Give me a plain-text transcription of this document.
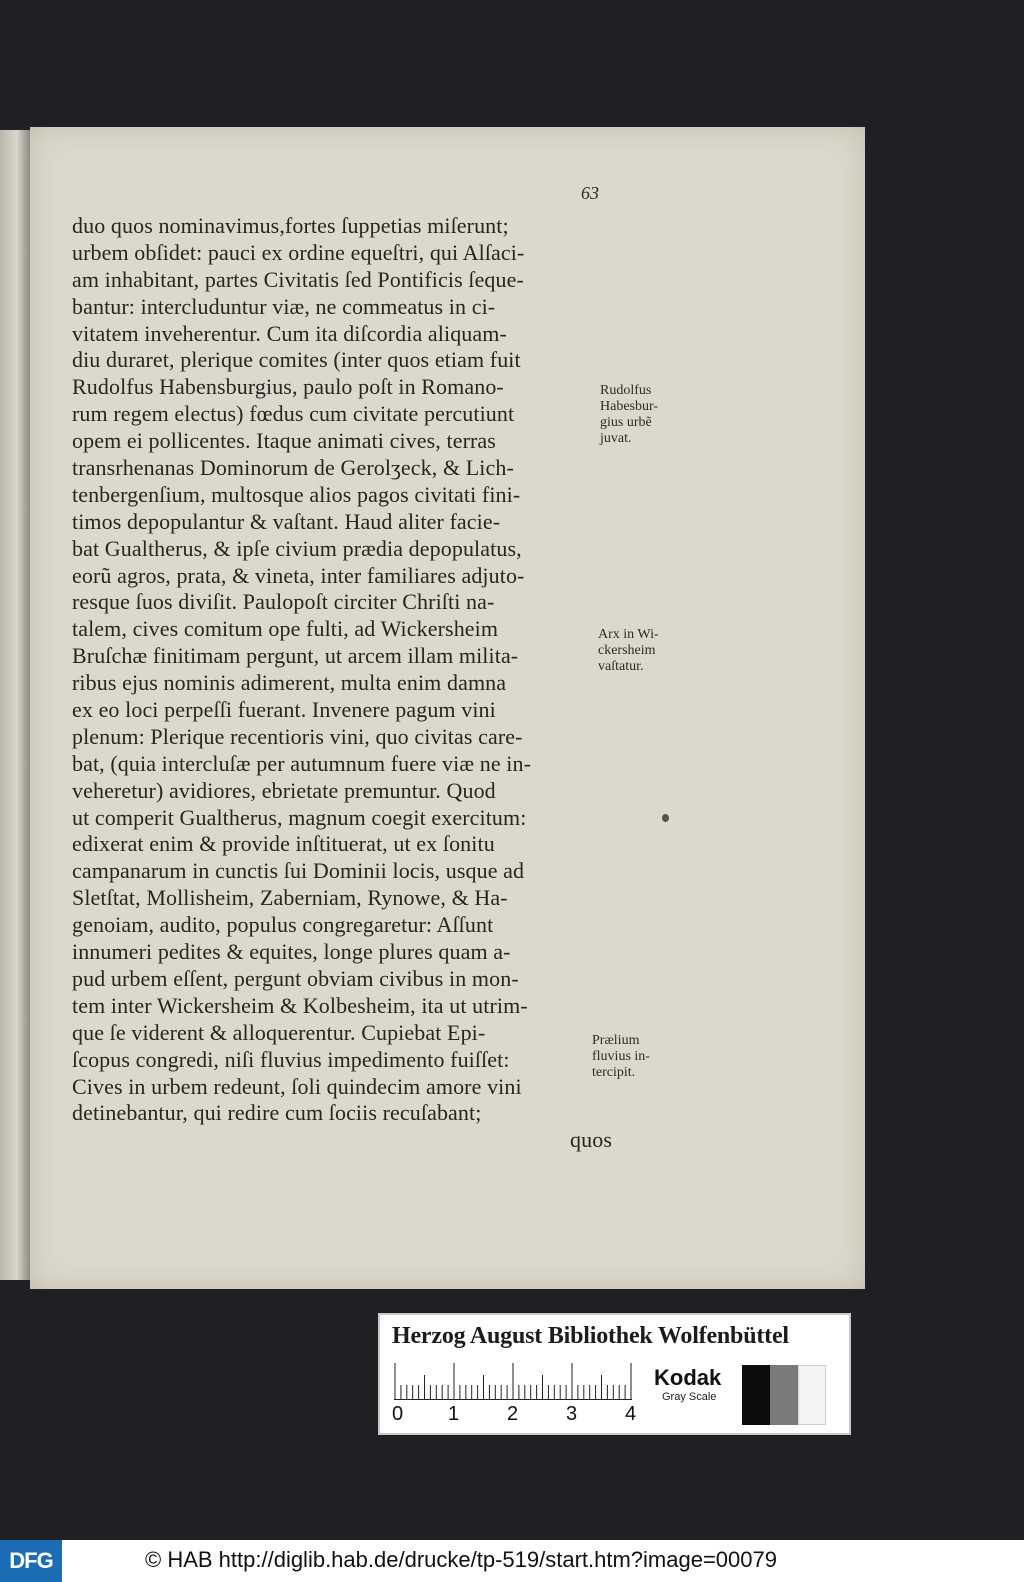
63
duo quos nominavimus,fortes ſuppetias miſerunt;
urbem obſidet: pauci ex ordine equeſtri, qui Alſaci-
am inhabitant, partes Civitatis ſed Pontificis ſeque-
bantur: intercluduntur viæ, ne commeatus in ci-
vitatem inveherentur. Cum ita diſcordia aliquam-
diu duraret, plerique comites (inter quos etiam fuit
Rudolfus Habensburgius, paulo poſt in Romano-
rum regem electus) fœdus cum civitate percutiunt
opem ei pollicentes. Itaque animati cives, terras
transrhenanas Dominorum de Gerolʒeck, & Lich-
tenbergenſium, multosque alios pagos civitati fini-
timos depopulantur & vaſtant. Haud aliter facie-
bat Gualtherus, & ipſe civium prædia depopulatus,
eorũ agros, prata, & vineta, inter familiares adjuto-
resque ſuos diviſit. Paulopoſt circiter Chriſti na-
talem, cives comitum ope fulti, ad Wickersheim
Bruſchæ finitimam pergunt, ut arcem illam milita-
ribus ejus nominis adimerent, multa enim damna
ex eo loci perpeſſi fuerant. Invenere pagum vini
plenum: Plerique recentioris vini, quo civitas care-
bat, (quia intercluſæ per autumnum fuere viæ ne in-
veheretur) avidiores, ebrietate premuntur. Quod
ut comperit Gualtherus, magnum coegit exercitum:
edixerat enim & provide inſtituerat, ut ex ſonitu
campanarum in cunctis ſui Dominii locis, usque ad
Sletſtat, Mollisheim, Zaberniam, Rynowe, & Ha-
genoiam, audito, populus congregaretur: Aſſunt
innumeri pedites & equites, longe plures quam a-
pud urbem eſſent, pergunt obviam civibus in mon-
tem inter Wickersheim & Kolbesheim, ita ut utrim-
que ſe viderent & alloquerentur. Cupiebat Epi-
ſcopus congredi, niſi fluvius impedimento fuiſſet:
Cives in urbem redeunt, ſoli quindecim amore vini
detinebantur, qui redire cum ſociis recuſabant;
quos
Rudolfus
Habesbur-
gius urbẽ
juvat.
Arx in Wi-
ckersheim
vaſtatur.
Prælium
fluvius in-
tercipit.
Herzog August Bibliothek Wolfenbüttel
0 1 2 3 4
Kodak
Gray Scale
DFG	© HAB http://diglib.hab.de/drucke/tp-519/start.htm?image=00079
